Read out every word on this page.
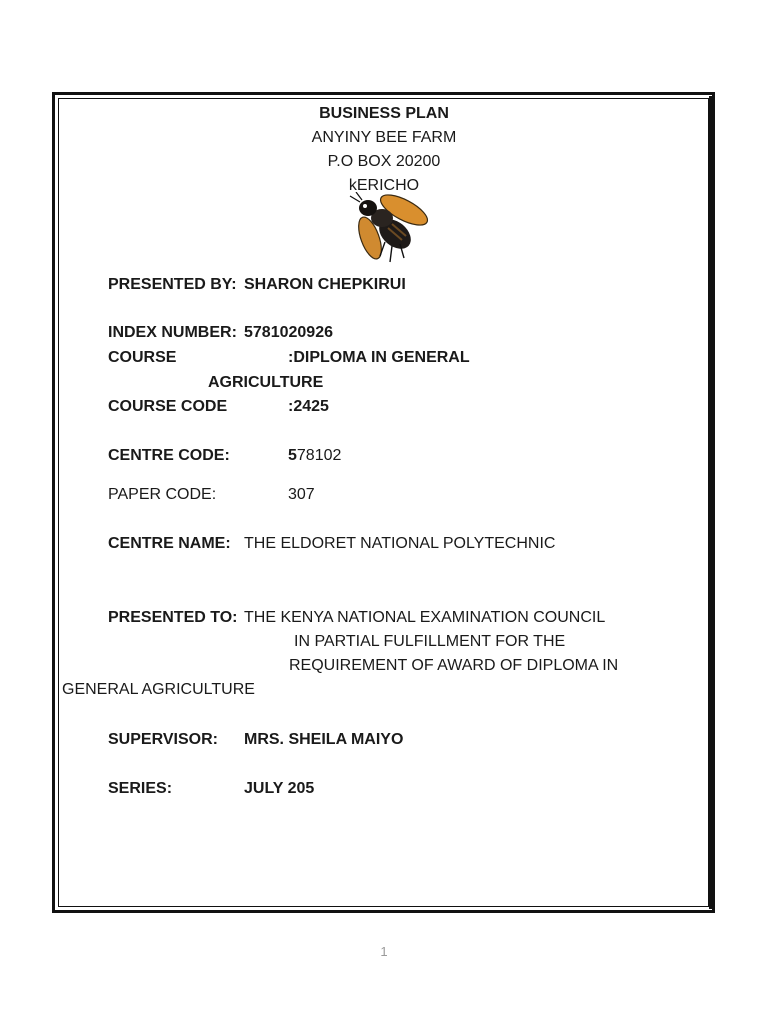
BUSINESS PLAN
ANYINY BEE FARM
P.O BOX 20200
kERICHO
PRESENTED BY: SHARON CHEPKIRUI
INDEX NUMBER: 5781020926
COURSE	:DIPLOMA IN GENERAL
AGRICULTURE
COURSE CODE	:2425
CENTRE CODE:	578102
PAPER CODE:	307
CENTRE NAME: THE ELDORET NATIONAL POLYTECHNIC
PRESENTED TO: THE KENYA NATIONAL EXAMINATION COUNCIL
IN PARTIAL FULFILLMENT FOR THE
REQUIREMENT OF AWARD OF DIPLOMA IN
GENERAL AGRICULTURE
SUPERVISOR: MRS. SHEILA MAIYO
SERIES:	JULY 205
1
